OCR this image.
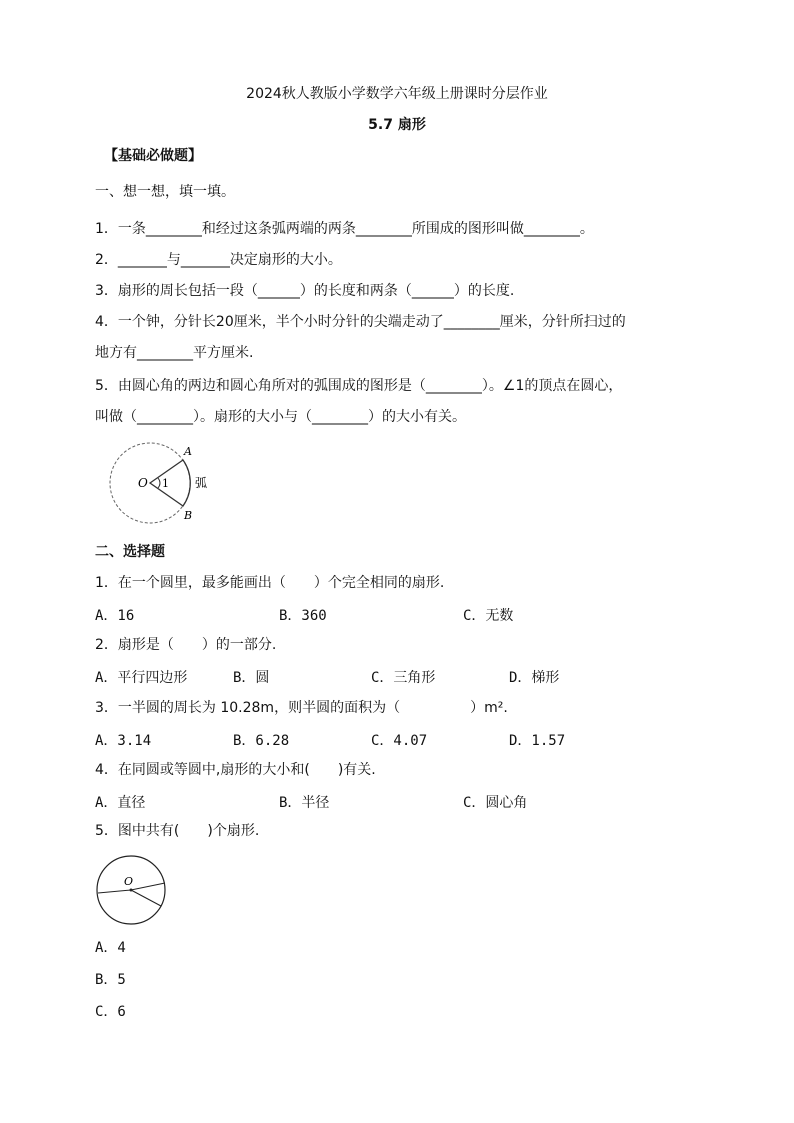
2024秋人教版小学数学六年级上册课时分层作业
5.7 扇形
【基础必做题】
一、想一想，填一填。
1．一条________和经过这条弧两端的两条________所围成的图形叫做________。
2．_______与_______决定扇形的大小。
3．扇形的周长包括一段（______）的长度和两条（______）的长度.
4．一个钟，分针长20厘米，半个小时分针的尖端走动了________厘米，分针所扫过的
地方有________平方厘米.
5．由圆心角的两边和圆心角所对的弧围成的图形是（________）。∠1的顶点在圆心，
叫做（________）。扇形的大小与（________）的大小有关。
O 1
A
B
弧
二、选择题
1．在一个圆里，最多能画出（　　）个完全相同的扇形.
A．16	B．360	C．无数
2．扇形是（　　）的一部分.
A．平行四边形	B．圆	C．三角形	D．梯形
3．一半圆的周长为 10.28m，则半圆的面积为（　　　　　）m².
A．3.14	B．6.28	C．4.07	D．1.57
4．在同圆或等圆中,扇形的大小和(　　)有关.
A．直径	B．半径	C．圆心角
5．图中共有(　　)个扇形.
O
A．4
B．5
C．6
